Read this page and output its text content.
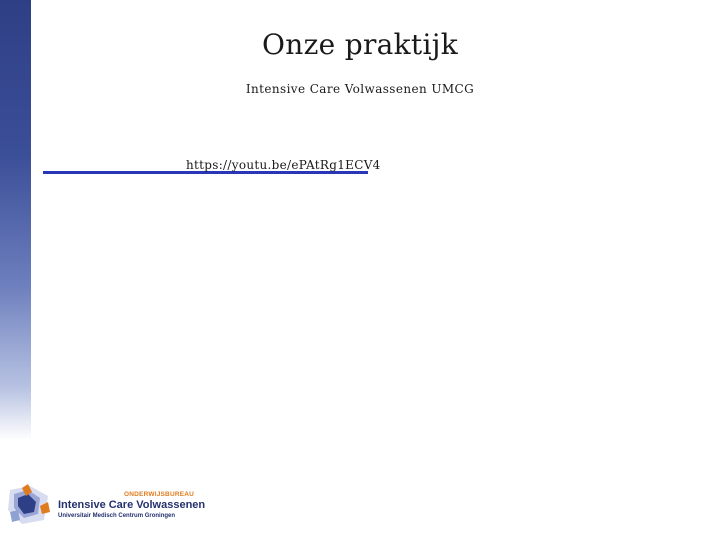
Onze praktijk
Intensive Care Volwassenen UMCG
https://youtu.be/ePAtRg1ECV4
ONDERWIJSBUREAU
Intensive Care Volwassenen
Universitair Medisch Centrum Groningen
